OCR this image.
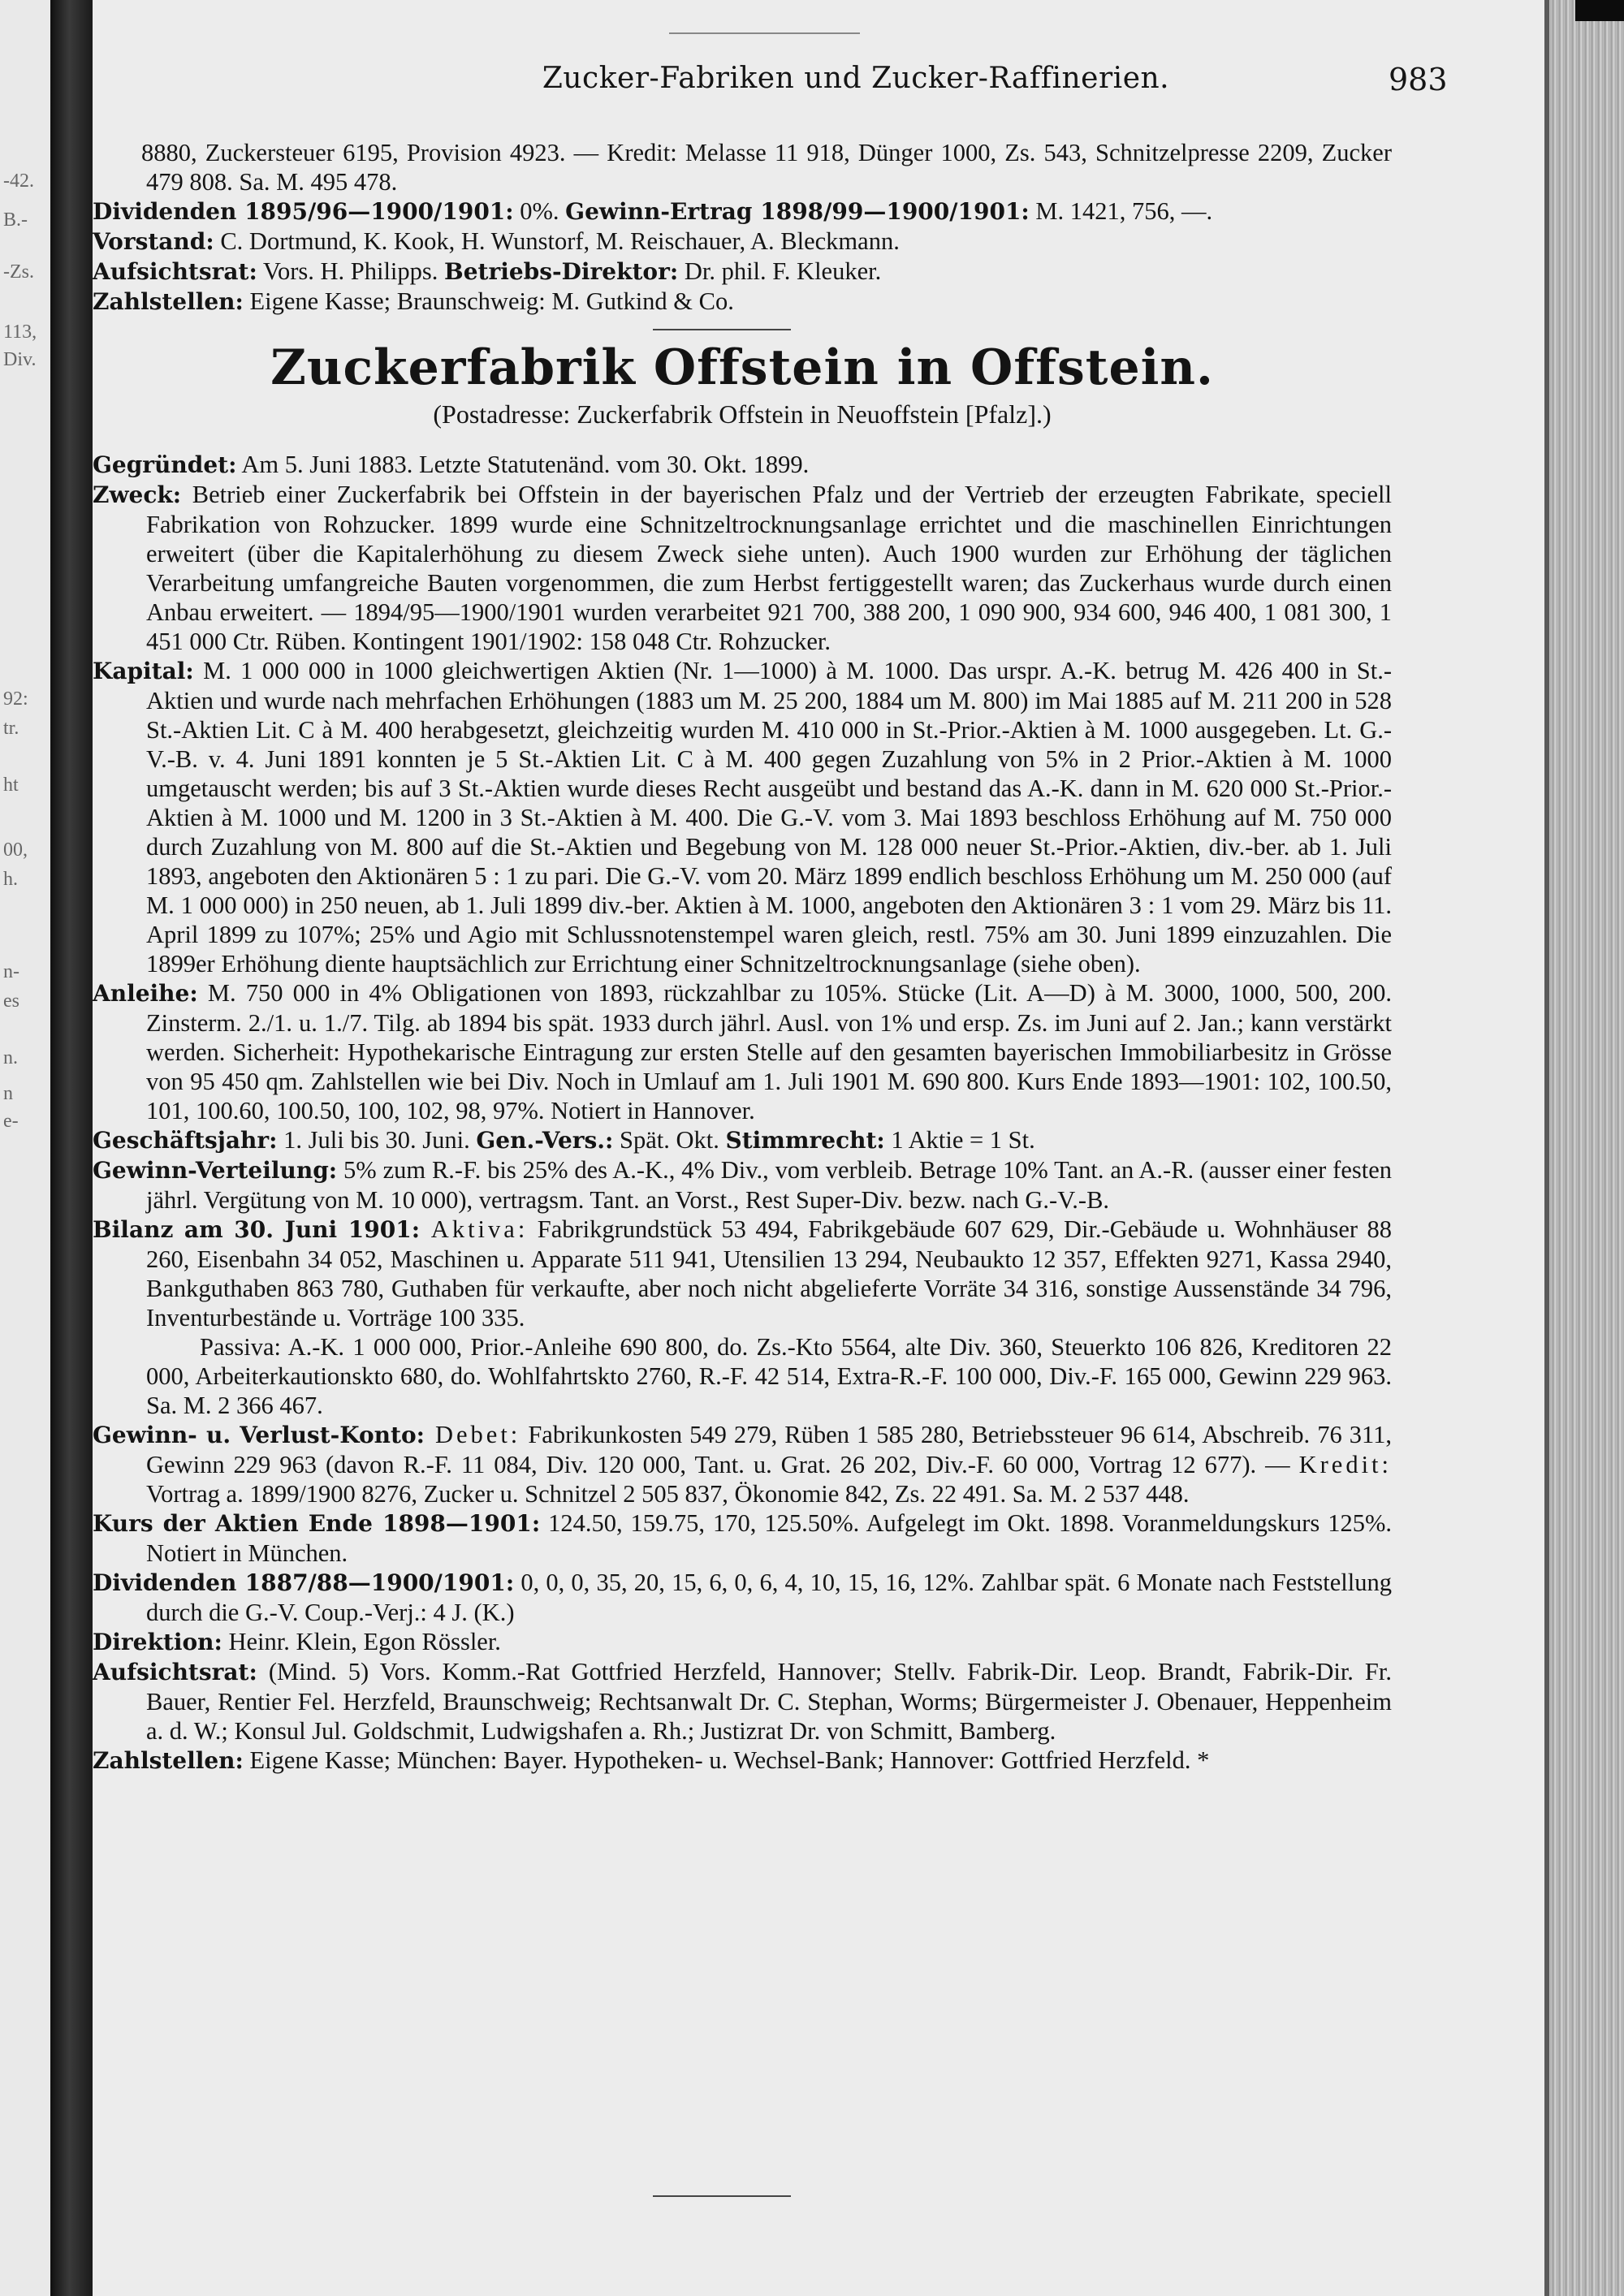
-42.
B.-
-Zs.
113,
Div.
92:
tr.
ht
00,
h.
n-
es
n.
n
e-
Zucker-Fabriken und Zucker-Raffinerien.	983

8880, Zuckersteuer 6195, Provision 4923. — Kredit: Melasse 11 918, Dünger 1000, Zs. 543, Schnitzelpresse 2209, Zucker 479 808. Sa. M. 495 478.

Dividenden 1895/96—1900/1901: 0%. Gewinn-Ertrag 1898/99—1900/1901: M. 1421, 756, —.

Vorstand: C. Dortmund, K. Kook, H. Wunstorf, M. Reischauer, A. Bleckmann.

Aufsichtsrat: Vors. H. Philipps. Betriebs-Direktor: Dr. phil. F. Kleuker.

Zahlstellen: Eigene Kasse; Braunschweig: M. Gutkind & Co.

Zuckerfabrik Offstein in Offstein.
(Postadresse: Zuckerfabrik Offstein in Neuoffstein [Pfalz].)

Gegründet: Am 5. Juni 1883. Letzte Statutenänd. vom 30. Okt. 1899.

Zweck: Betrieb einer Zuckerfabrik bei Offstein in der bayerischen Pfalz und der Vertrieb der erzeugten Fabrikate, speciell Fabrikation von Rohzucker. 1899 wurde eine Schnitzeltrocknungsanlage errichtet und die maschinellen Einrichtungen erweitert (über die Kapitalerhöhung zu diesem Zweck siehe unten). Auch 1900 wurden zur Erhöhung der täglichen Verarbeitung umfangreiche Bauten vorgenommen, die zum Herbst fertiggestellt waren; das Zuckerhaus wurde durch einen Anbau erweitert. — 1894/95—1900/1901 wurden verarbeitet 921 700, 388 200, 1 090 900, 934 600, 946 400, 1 081 300, 1 451 000 Ctr. Rüben. Kontingent 1901/1902: 158 048 Ctr. Rohzucker.

Kapital: M. 1 000 000 in 1000 gleichwertigen Aktien (Nr. 1—1000) à M. 1000. Das urspr. A.-K. betrug M. 426 400 in St.-Aktien und wurde nach mehrfachen Erhöhungen (1883 um M. 25 200, 1884 um M. 800) im Mai 1885 auf M. 211 200 in 528 St.-Aktien Lit. C à M. 400 herabgesetzt, gleichzeitig wurden M. 410 000 in St.-Prior.-Aktien à M. 1000 ausgegeben. Lt. G.-V.-B. v. 4. Juni 1891 konnten je 5 St.-Aktien Lit. C à M. 400 gegen Zuzahlung von 5% in 2 Prior.-Aktien à M. 1000 umgetauscht werden; bis auf 3 St.-Aktien wurde dieses Recht ausgeübt und bestand das A.-K. dann in M. 620 000 St.-Prior.-Aktien à M. 1000 und M. 1200 in 3 St.-Aktien à M. 400. Die G.-V. vom 3. Mai 1893 beschloss Erhöhung auf M. 750 000 durch Zuzahlung von M. 800 auf die St.-Aktien und Begebung von M. 128 000 neuer St.-Prior.-Aktien, div.-ber. ab 1. Juli 1893, angeboten den Aktionären 5 : 1 zu pari. Die G.-V. vom 20. März 1899 endlich beschloss Erhöhung um M. 250 000 (auf M. 1 000 000) in 250 neuen, ab 1. Juli 1899 div.-ber. Aktien à M. 1000, angeboten den Aktionären 3 : 1 vom 29. März bis 11. April 1899 zu 107%; 25% und Agio mit Schlussnotenstempel waren gleich, restl. 75% am 30. Juni 1899 einzuzahlen. Die 1899er Erhöhung diente hauptsächlich zur Errichtung einer Schnitzeltrocknungsanlage (siehe oben).

Anleihe: M. 750 000 in 4% Obligationen von 1893, rückzahlbar zu 105%. Stücke (Lit. A—D) à M. 3000, 1000, 500, 200. Zinsterm. 2./1. u. 1./7. Tilg. ab 1894 bis spät. 1933 durch jährl. Ausl. von 1% und ersp. Zs. im Juni auf 2. Jan.; kann verstärkt werden. Sicherheit: Hypothekarische Eintragung zur ersten Stelle auf den gesamten bayerischen Immobiliarbesitz in Grösse von 95 450 qm. Zahlstellen wie bei Div. Noch in Umlauf am 1. Juli 1901 M. 690 800. Kurs Ende 1893—1901: 102, 100.50, 101, 100.60, 100.50, 100, 102, 98, 97%. Notiert in Hannover.

Geschäftsjahr: 1. Juli bis 30. Juni. Gen.-Vers.: Spät. Okt. Stimmrecht: 1 Aktie = 1 St.

Gewinn-Verteilung: 5% zum R.-F. bis 25% des A.-K., 4% Div., vom verbleib. Betrage 10% Tant. an A.-R. (ausser einer festen jährl. Vergütung von M. 10 000), vertragsm. Tant. an Vorst., Rest Super-Div. bezw. nach G.-V.-B.

Bilanz am 30. Juni 1901: Aktiva: Fabrikgrundstück 53 494, Fabrikgebäude 607 629, Dir.-Gebäude u. Wohnhäuser 88 260, Eisenbahn 34 052, Maschinen u. Apparate 511 941, Utensilien 13 294, Neubaukto 12 357, Effekten 9271, Kassa 2940, Bankguthaben 863 780, Guthaben für verkaufte, aber noch nicht abgelieferte Vorräte 34 316, sonstige Aussenstände 34 796, Inventurbestände u. Vorträge 100 335.

Passiva: A.-K. 1 000 000, Prior.-Anleihe 690 800, do. Zs.-Kto 5564, alte Div. 360, Steuerkto 106 826, Kreditoren 22 000, Arbeiterkautionskto 680, do. Wohlfahrtskto 2760, R.-F. 42 514, Extra-R.-F. 100 000, Div.-F. 165 000, Gewinn 229 963. Sa. M. 2 366 467.

Gewinn- u. Verlust-Konto: Debet: Fabrikunkosten 549 279, Rüben 1 585 280, Betriebssteuer 96 614, Abschreib. 76 311, Gewinn 229 963 (davon R.-F. 11 084, Div. 120 000, Tant. u. Grat. 26 202, Div.-F. 60 000, Vortrag 12 677). — Kredit: Vortrag a. 1899/1900 8276, Zucker u. Schnitzel 2 505 837, Ökonomie 842, Zs. 22 491. Sa. M. 2 537 448.

Kurs der Aktien Ende 1898—1901: 124.50, 159.75, 170, 125.50%. Aufgelegt im Okt. 1898. Voranmeldungskurs 125%. Notiert in München.

Dividenden 1887/88—1900/1901: 0, 0, 0, 35, 20, 15, 6, 0, 6, 4, 10, 15, 16, 12%. Zahlbar spät. 6 Monate nach Feststellung durch die G.-V. Coup.-Verj.: 4 J. (K.)

Direktion: Heinr. Klein, Egon Rössler.

Aufsichtsrat: (Mind. 5) Vors. Komm.-Rat Gottfried Herzfeld, Hannover; Stellv. Fabrik-Dir. Leop. Brandt, Fabrik-Dir. Fr. Bauer, Rentier Fel. Herzfeld, Braunschweig; Rechtsanwalt Dr. C. Stephan, Worms; Bürgermeister J. Obenauer, Heppenheim a. d. W.; Konsul Jul. Goldschmit, Ludwigshafen a. Rh.; Justizrat Dr. von Schmitt, Bamberg.

Zahlstellen: Eigene Kasse; München: Bayer. Hypotheken- u. Wechsel-Bank; Hannover: Gottfried Herzfeld. *
